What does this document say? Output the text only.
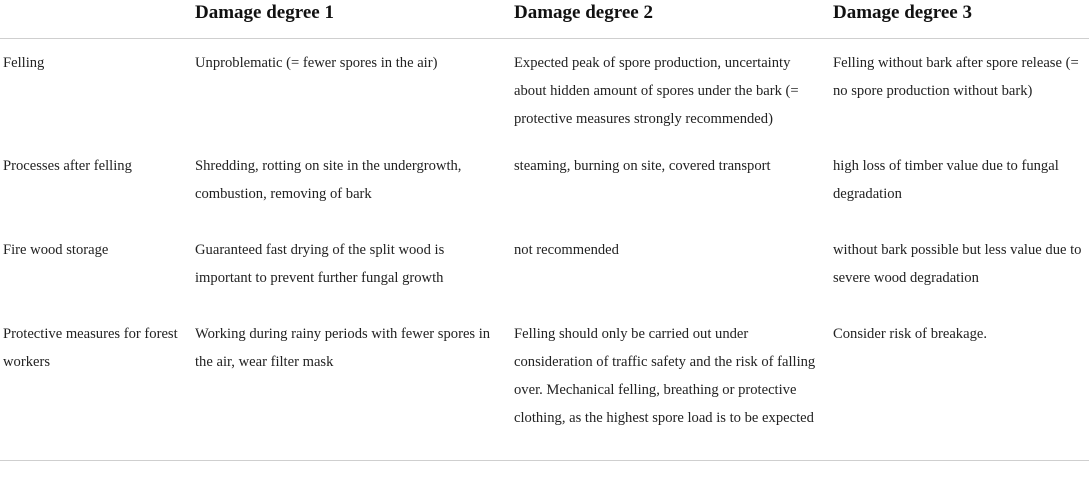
	Damage degree 1	Damage degree 2	Damage degree 3

Felling	Unproblematic (= fewer spores in the air)	Expected peak of spore production, uncertainty about hidden amount of spores under the bark (= protective measures strongly recommended)	Felling without bark after spore release (= no spore production without bark)

Processes after felling	Shredding, rotting on site in the undergrowth, combustion, removing of bark	steaming, burning on site, covered transport	high loss of timber value due to fungal degradation

Fire wood storage	Guaranteed fast drying of the split wood is important to prevent further fungal growth	not recommended	without bark possible but less value due to severe wood degradation

Protective measures for forest workers	Working during rainy periods with fewer spores in the air, wear filter mask	Felling should only be carried out under consideration of traffic safety and the risk of falling over. Mechanical felling, breathing or protective clothing, as the highest spore load is to be expected	Consider risk of breakage.
